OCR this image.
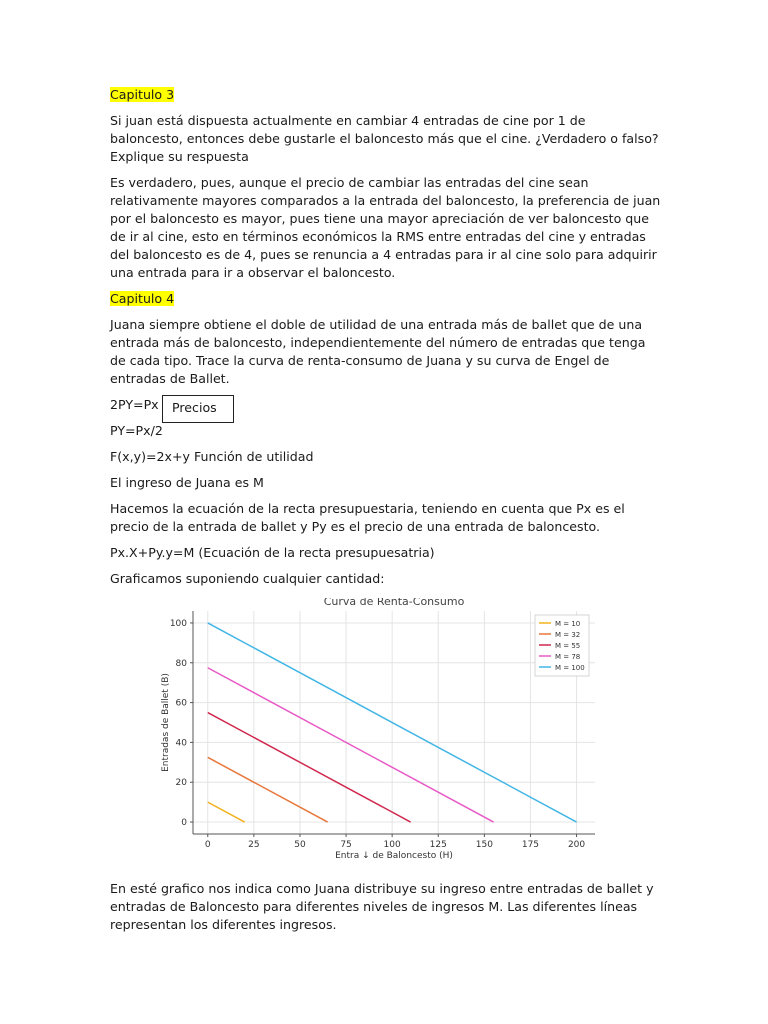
Capitulo 3

Si juan está dispuesta actualmente en cambiar 4 entradas de cine por 1 de baloncesto, entonces debe gustarle el baloncesto más que el cine. ¿Verdadero o falso? Explique su respuesta

Es verdadero, pues, aunque el precio de cambiar las entradas del cine sean relativamente mayores comparados a la entrada del baloncesto, la preferencia de juan por el baloncesto es mayor, pues tiene una mayor apreciación de ver baloncesto que de ir al cine, esto en términos económicos la RMS entre entradas del cine y entradas del baloncesto es de 4, pues se renuncia a 4 entradas para ir al cine solo para adquirir una entrada para ir a observar el baloncesto.

Capitulo 4

Juana siempre obtiene el doble de utilidad de una entrada más de ballet que de una entrada más de baloncesto, independientemente del número de entradas que tenga de cada tipo. Trace la curva de renta-consumo de Juana y su curva de Engel de entradas de Ballet.

2PY=Px	Precios

PY=Px/2

F(x,y)=2x+y Función de utilidad

El ingreso de Juana es M

Hacemos la ecuación de la recta presupuestaria, teniendo en cuenta que Px es el precio de la entrada de ballet y Py es el precio de una entrada de baloncesto.

Px.X+Py.y=M (Ecuación de la recta presupuesatria)

Graficamos suponiendo cualquier cantidad:

0	25	50	75	100	125	150	175	200
0
20
40
60
80
100
Curva de Renta-Consumo
Entra ↓ de Baloncesto (H)
Entradas de Ballet (B)
M = 10
M = 32
M = 55
M = 78
M = 100

En esté grafico nos indica como Juana distribuye su ingreso entre entradas de ballet y entradas de Baloncesto para diferentes niveles de ingresos M. Las diferentes líneas representan los diferentes ingresos.
